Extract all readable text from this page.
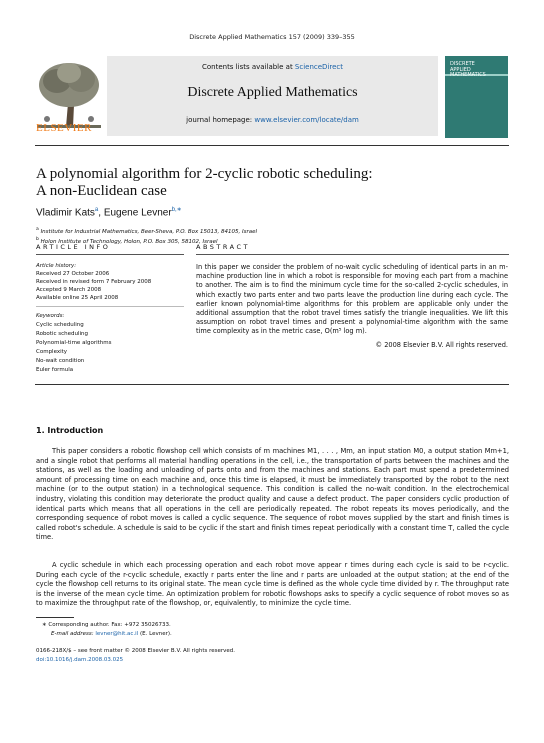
Discrete Applied Mathematics 157 (2009) 339–355
ELSEVIER
Contents lists available at ScienceDirect
Discrete Applied Mathematics
journal homepage: www.elsevier.com/locate/dam
DISCRETE APPLIED MATHEMATICS
A polynomial algorithm for 2-cyclic robotic scheduling:
A non-Euclidean case
Vladimir Kats$^a$, Eugene Levner$^{b,∗}$
$^a$ Institute for Industrial Mathematics, Beer-Sheva, P.O. Box 15013, 84105, Israel
$^b$ Holon Institute of Technology, Holon, P.O. Box 305, 58102, Israel
ARTICLE INFO	ABSTRACT
Article history:
Received 27 October 2006
Received in revised form 7 February 2008
Accepted 9 March 2008
Available online 25 April 2008
Keywords:
Cyclic scheduling
Robotic scheduling
Polynomial-time algorithms
Complexity
No-wait condition
Euler formula
In this paper we consider the problem of no-wait cyclic scheduling of identical parts in an m-machine production line in which a robot is responsible for moving each part from a machine to another. The aim is to find the minimum cycle time for the so-called 2-cyclic schedules, in which exactly two parts enter and two parts leave the production line during each cycle. The earlier known polynomial-time algorithms for this problem are applicable only under the additional assumption that the robot travel times satisfy the triangle inequalities. We lift this assumption on robot travel times and present a polynomial-time algorithm with the same time complexity as in the metric case, O(m⁵ log m).
© 2008 Elsevier B.V. All rights reserved.
1. Introduction
This paper considers a robotic flowshop cell which consists of m machines M1, . . . , Mm, an input station M0, a output station Mm+1, and a single robot that performs all material handling operations in the cell, i.e., the transportation of parts between the machines and the stations, as well as the loading and unloading of parts onto and from the machines and stations. Each part must spend a predetermined amount of processing time on each machine and, once this time is elapsed, it must be immediately transported by the robot to the next machine (or to the output station) in a technological sequence. This condition is called the no-wait condition. In the electrochemical industry, violating this condition may deteriorate the product quality and cause a defect product. The paper considers cyclic production of identical parts which means that all operations in the cell are periodically repeated. The robot repeats its moves periodically, and the corresponding sequence of robot moves is called a cyclic sequence. The sequence of robot moves supplied by the start and finish times is called robot's schedule. A schedule is said to be cyclic if the start and finish times repeat periodically with a constant time T, called the cycle time.
A cyclic schedule in which each processing operation and each robot move appear r times during each cycle is said to be r-cyclic. During each cycle of the r-cyclic schedule, exactly r parts enter the line and r parts are unloaded at the output station; at the end of the cycle the flowshop cell returns to its original state. The mean cycle time is defined as the whole cycle time divided by r. The throughput rate is the inverse of the mean cycle time. An optimization problem for robotic flowshops asks to specify a cyclic sequence of robot moves so as to maximize the throughput rate of the flowshop, or, equivalently, to minimize the cycle time.
∗ Corresponding author. Fax: +972 35026733.
E-mail address: levner@hit.ac.il (E. Levner).
0166-218X/$ – see front matter © 2008 Elsevier B.V. All rights reserved.
doi:10.1016/j.dam.2008.03.025
